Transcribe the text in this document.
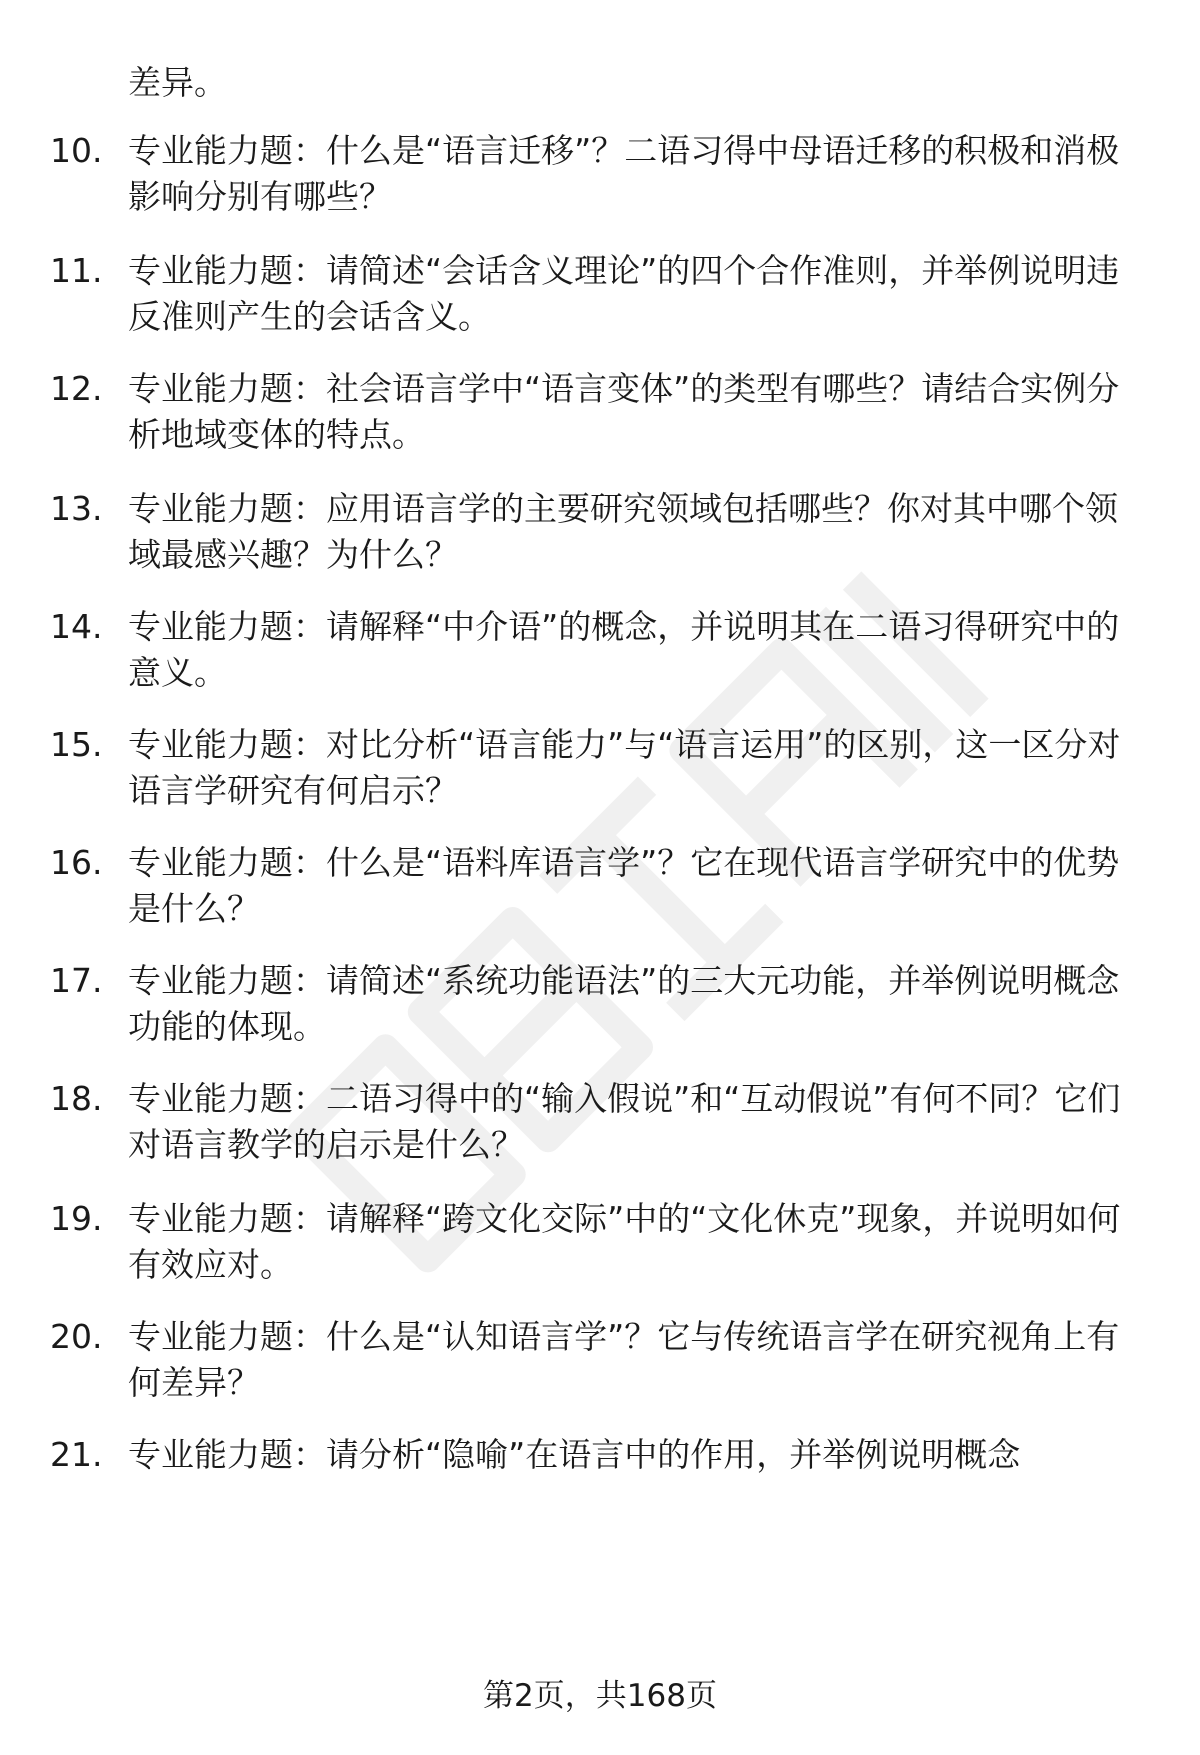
差异。
10. 专业能力题：什么是“语言迁移”？二语习得中母语迁移的积极和消极影响分别有哪些？
11. 专业能力题：请简述“会话含义理论”的四个合作准则，并举例说明违反准则产生的会话含义。
12. 专业能力题：社会语言学中“语言变体”的类型有哪些？请结合实例分析地域变体的特点。
13. 专业能力题：应用语言学的主要研究领域包括哪些？你对其中哪个领域最感兴趣？为什么？
14. 专业能力题：请解释“中介语”的概念，并说明其在二语习得研究中的意义。
15. 专业能力题：对比分析“语言能力”与“语言运用”的区别，这一区分对语言学研究有何启示？
16. 专业能力题：什么是“语料库语言学”？它在现代语言学研究中的优势是什么？
17. 专业能力题：请简述“系统功能语法”的三大元功能，并举例说明概念功能的体现。
18. 专业能力题：二语习得中的“输入假说”和“互动假说”有何不同？它们对语言教学的启示是什么？
19. 专业能力题：请解释“跨文化交际”中的“文化休克”现象，并说明如何有效应对。
20. 专业能力题：什么是“认知语言学”？它与传统语言学在研究视角上有何差异？
21. 专业能力题：请分析“隐喻”在语言中的作用，并举例说明概念
第2页，共168页
